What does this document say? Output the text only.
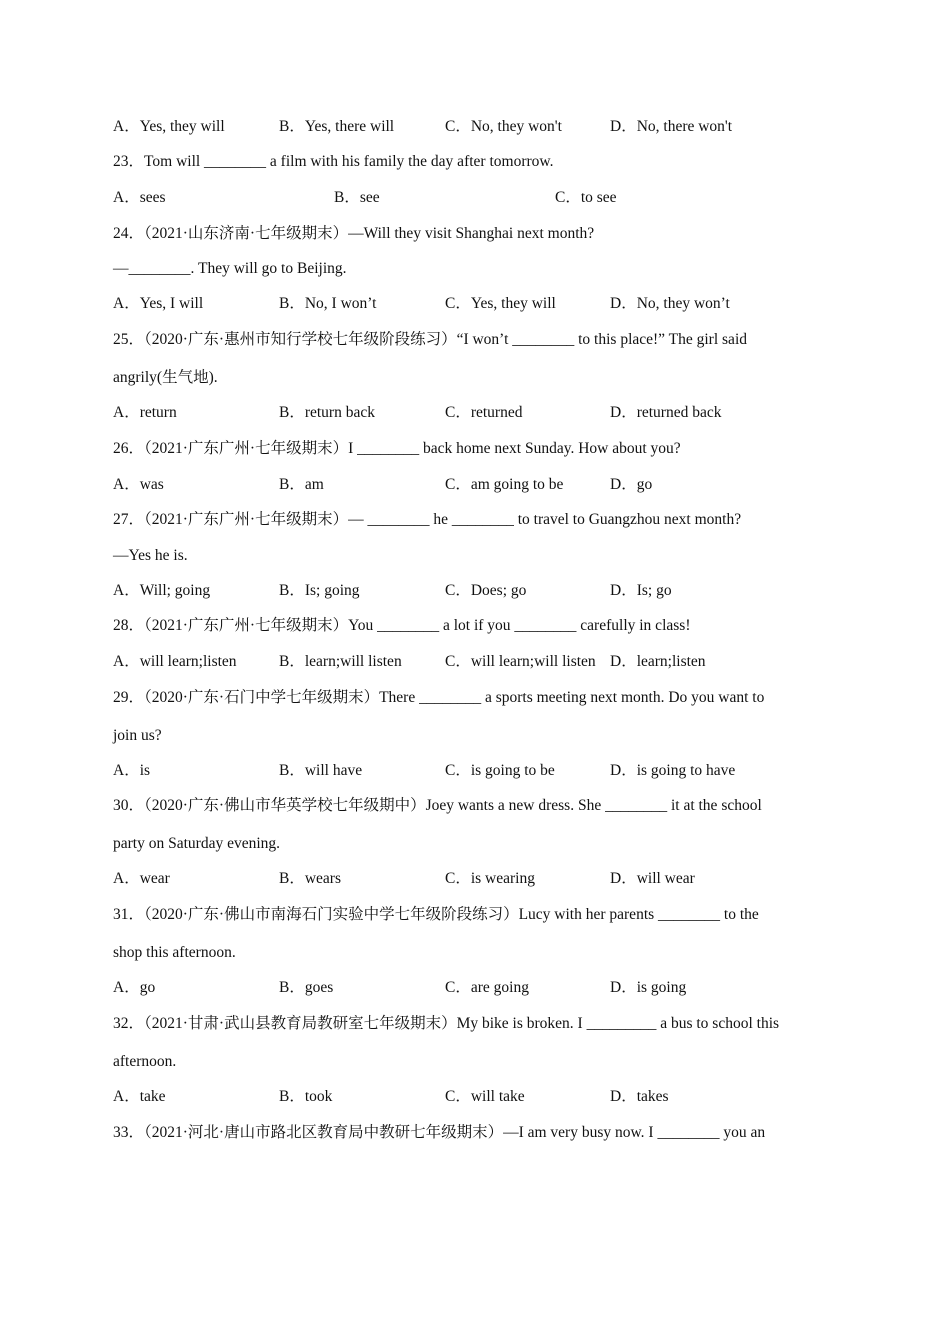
A．Yes, they will	B．Yes, there will	C．No, they won't	D．No, there won't
23．Tom will ________ a film with his family the day after tomorrow.
A．sees	B．see	C．to see
24．（2021·山东济南·七年级期末）—Will they visit Shanghai next month?
—________. They will go to Beijing.
A．Yes, I will	B．No, I won’t	C．Yes, they will	D．No, they won’t
25．（2020·广东·惠州市知行学校七年级阶段练习）“I won’t ________ to this place!” The girl said
angrily(生气地).
A．return	B．return back	C．returned	D．returned back
26．（2021·广东广州·七年级期末）I ________ back home next Sunday. How about you?
A．was	B．am	C．am going to be	D．go
27．（2021·广东广州·七年级期末）— ________ he ________ to travel to Guangzhou next month?
—Yes he is.
A．Will; going	B．Is; going	C．Does; go	D．Is; go
28．（2021·广东广州·七年级期末）You ________ a lot if you ________ carefully in class!
A．will learn;listen	B．learn;will listen	C．will learn;will listen D．learn;listen
29．（2020·广东·石门中学七年级期末）There ________ a sports meeting next month. Do you want to
join us?
A．is	B．will have	C．is going to be	D．is going to have
30．（2020·广东·佛山市华英学校七年级期中）Joey wants a new dress. She ________ it at the school
party on Saturday evening.
A．wear	B．wears	C．is wearing	D．will wear
31．（2020·广东·佛山市南海石门实验中学七年级阶段练习）Lucy with her parents ________ to the
shop this afternoon.
A．go	B．goes	C．are going	D．is going
32．（2021·甘肃·武山县教育局教研室七年级期末）My bike is broken. I _________ a bus to school this
afternoon.
A．take	B．took	C．will take	D．takes
33．（2021·河北·唐山市路北区教育局中教研七年级期末）—I am very busy now. I ________ you an
